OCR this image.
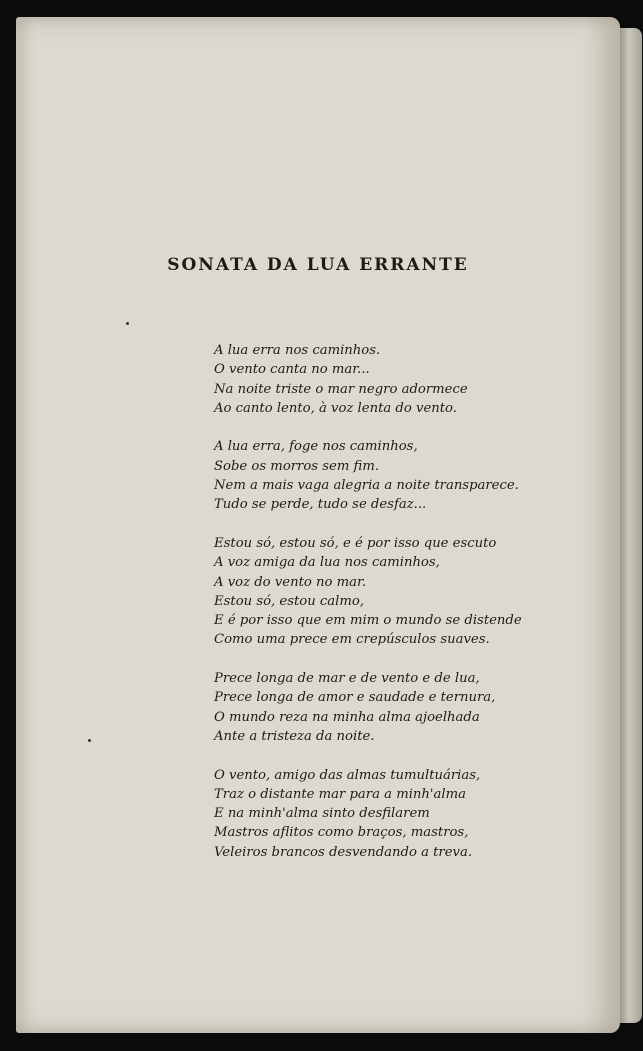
SONATA DA LUA ERRANTE
A lua erra nos caminhos.
O vento canta no mar...
Na noite triste o mar negro adormece
Ao canto lento, à voz lenta do vento.
A lua erra, foge nos caminhos,
Sobe os morros sem fim.
Nem a mais vaga alegria a noite transparece.
Tudo se perde, tudo se desfaz...
Estou só, estou só, e é por isso que escuto
A voz amiga da lua nos caminhos,
A voz do vento no mar.
Estou só, estou calmo,
E é por isso que em mim o mundo se distende
Como uma prece em crepúsculos suaves.
Prece longa de mar e de vento e de lua,
Prece longa de amor e saudade e ternura,
O mundo reza na minha alma ajoelhada
Ante a tristeza da noite.
O vento, amigo das almas tumultuárias,
Traz o distante mar para a minh'alma
E na minh'alma sinto desfilarem
Mastros aflitos como braços, mastros,
Veleiros brancos desvendando a treva.
